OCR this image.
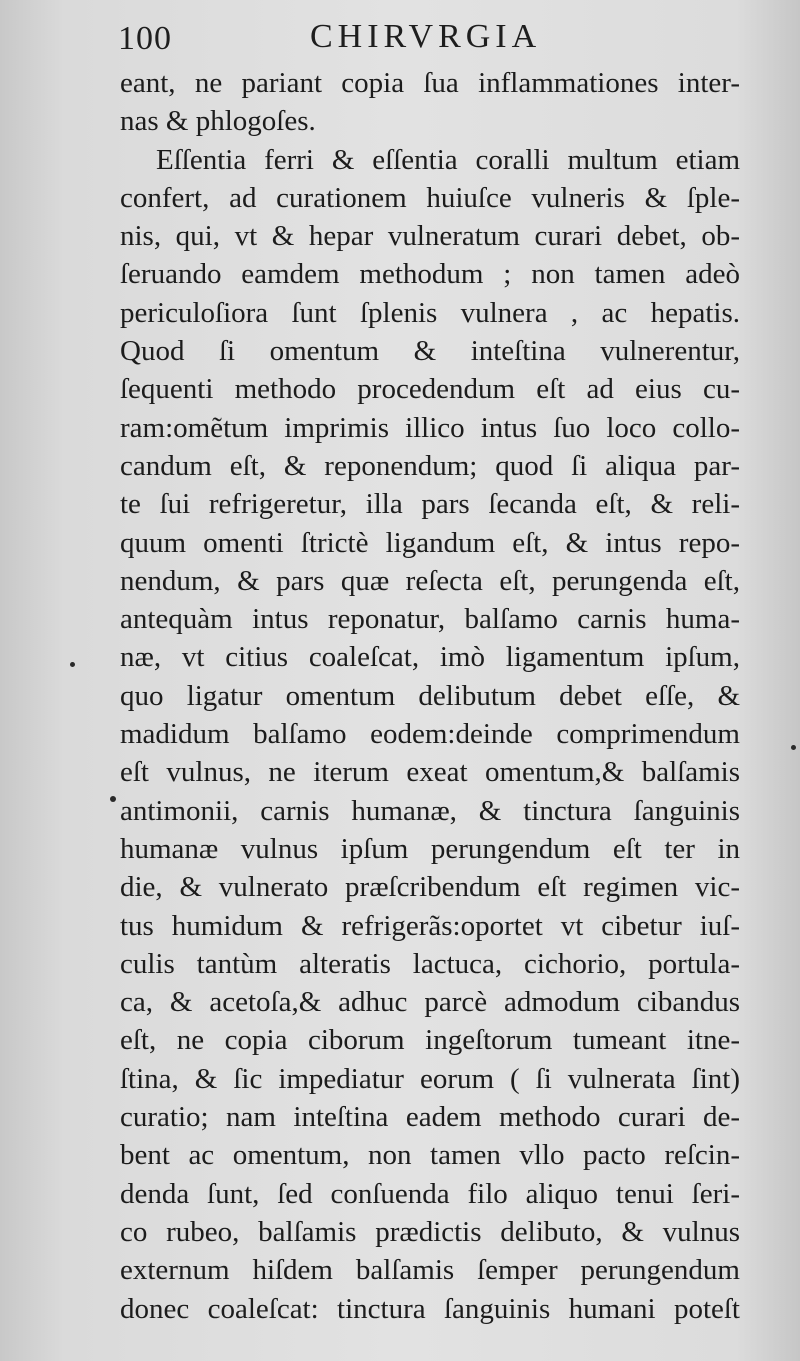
100	CHIRVRGIA
eant, ne pariant copia ſua inflammationes inter-
nas & phlogoſes.
Eſſentia ferri & eſſentia coralli multum etiam
confert, ad curationem huiuſce vulneris & ſple-
nis, qui, vt & hepar vulneratum curari debet, ob-
ſeruando eamdem methodum ; non tamen adeò
periculoſiora ſunt ſplenis vulnera , ac hepatis.
Quod ſi omentum & inteſtina vulnerentur,
ſequenti methodo procedendum eſt ad eius cu-
ram:omẽtum imprimis illico intus ſuo loco collo-
candum eſt, & reponendum; quod ſi aliqua par-
te ſui refrigeretur, illa pars ſecanda eſt, & reli-
quum omenti ſtrictè ligandum eſt, & intus repo-
nendum, & pars quæ reſecta eſt, perungenda eſt,
antequàm intus reponatur, balſamo carnis huma-
næ, vt citius coaleſcat, imò ligamentum ipſum,
quo ligatur omentum delibutum debet eſſe, &
madidum balſamo eodem:deinde comprimendum
eſt vulnus, ne iterum exeat omentum,& balſamis
antimonii, carnis humanæ, & tinctura ſanguinis
humanæ vulnus ipſum perungendum eſt ter in
die, & vulnerato præſcribendum eſt regimen vic-
tus humidum & refrigerãs:oportet vt cibetur iuſ-
culis tantùm alteratis lactuca, cichorio, portula-
ca, & acetoſa,& adhuc parcè admodum cibandus
eſt, ne copia ciborum ingeſtorum tumeant itne-
ſtina, & ſic impediatur eorum ( ſi vulnerata ſint)
curatio; nam inteſtina eadem methodo curari de-
bent ac omentum, non tamen vllo pacto reſcin-
denda ſunt, ſed conſuenda filo aliquo tenui ſeri-
co rubeo, balſamis prædictis delibuto, & vulnus
externum hiſdem balſamis ſemper perungendum
donec coaleſcat: tinctura ſanguinis humani poteſt
